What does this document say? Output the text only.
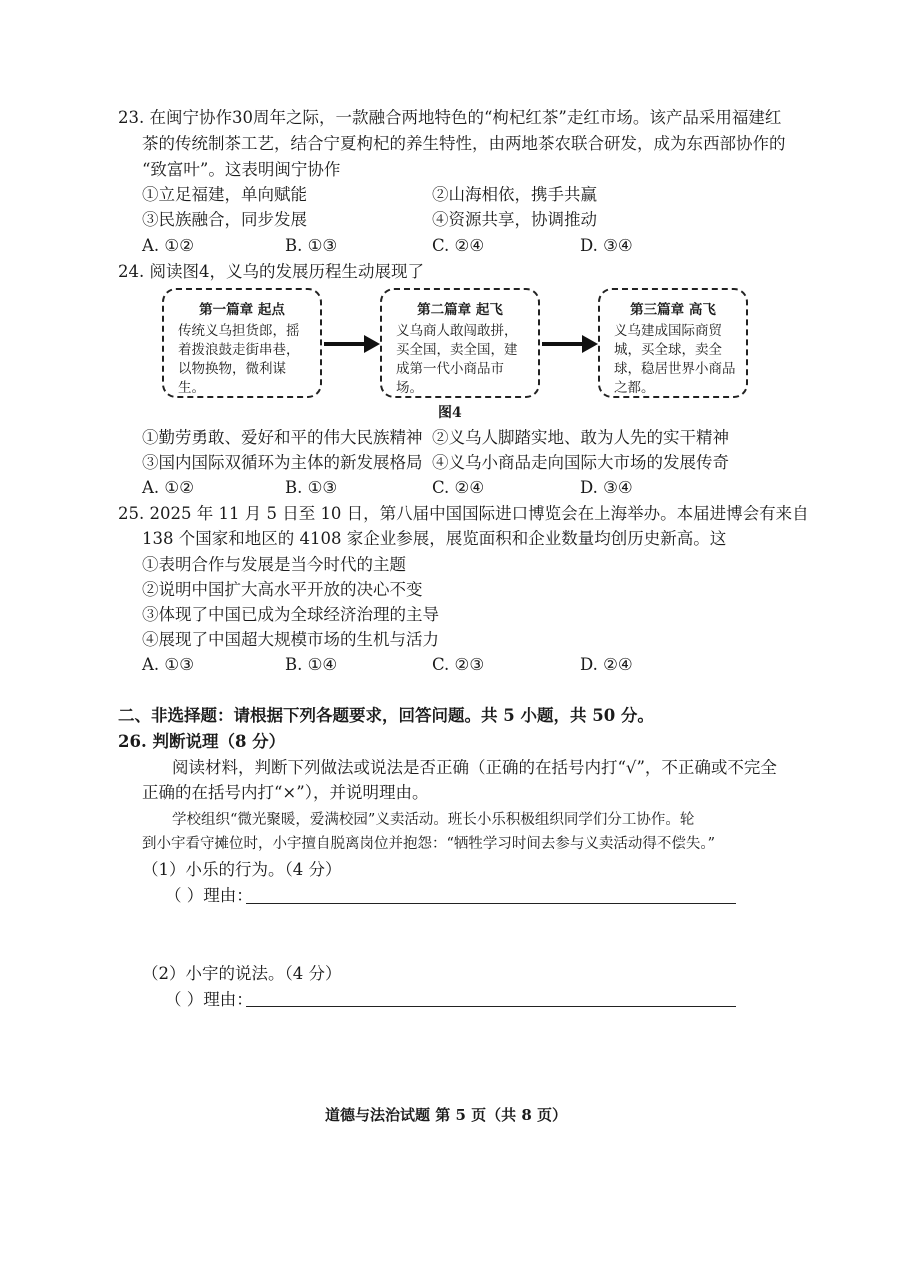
23. 在闽宁协作30周年之际，一款融合两地特色的“枸杞红茶”走红市场。该产品采用福建红
茶的传统制茶工艺，结合宁夏枸杞的养生特性，由两地茶农联合研发，成为东西部协作的
“致富叶”。这表明闽宁协作
①立足福建，单向赋能	②山海相依，携手共赢
③民族融合，同步发展	④资源共享，协调推动
A. ①②	B. ①③	C. ②④	D. ③④
24. 阅读图4，义乌的发展历程生动展现了
第一篇章 起点
传统义乌担货郎，摇着拨浪鼓走街串巷，以物换物，微利谋生。
第二篇章 起飞
义乌商人敢闯敢拼，买全国，卖全国，建成第一代小商品市场。
第三篇章 高飞
义乌建成国际商贸城，买全球，卖全球，稳居世界小商品之都。
图4
①勤劳勇敢、爱好和平的伟大民族精神 ②义乌人脚踏实地、敢为人先的实干精神
③国内国际双循环为主体的新发展格局 ④义乌小商品走向国际大市场的发展传奇
A. ①②	B. ①③	C. ②④	D. ③④
25. 2025 年 11 月 5 日至 10 日，第八届中国国际进口博览会在上海举办。本届进博会有来自
138 个国家和地区的 4108 家企业参展，展览面积和企业数量均创历史新高。这
①表明合作与发展是当今时代的主题
②说明中国扩大高水平开放的决心不变
③体现了中国已成为全球经济治理的主导
④展现了中国超大规模市场的生机与活力
A. ①③	B. ①④	C. ②③	D. ②④
二、非选择题：请根据下列各题要求，回答问题。共 5 小题，共 50 分。
26. 判断说理（8 分）
阅读材料，判断下列做法或说法是否正确（正确的在括号内打“√”，不正确或不完全
正确的在括号内打“×”），并说明理由。
学校组织“微光聚暖，爱满校园”义卖活动。班长小乐积极组织同学们分工协作。轮
到小宇看守摊位时，小宇擅自脱离岗位并抱怨：“牺牲学习时间去参与义卖活动得不偿失。”
（1）小乐的行为。（4 分）
（ ）理由：
（2）小宇的说法。（4 分）
（ ）理由：
道德与法治试题 第 5 页（共 8 页）
